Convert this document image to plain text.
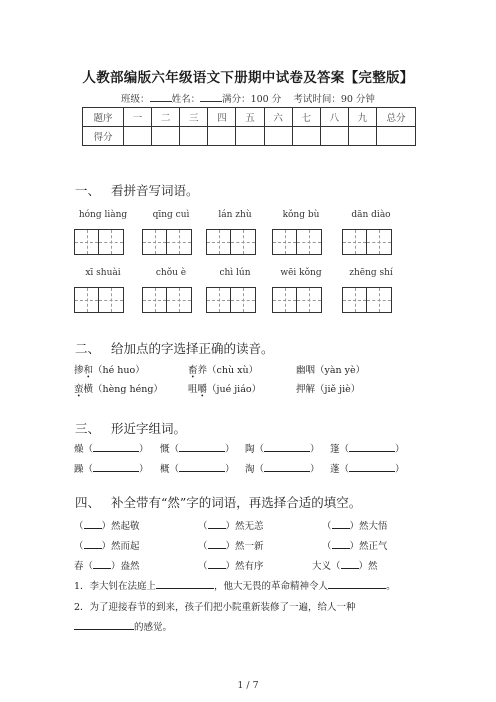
人教部编版六年级语文下册期中试卷及答案【完整版】
班级： 姓名： 满分：100 分 考试时间：90 分钟
题序	一	二	三	四	五	六	七	八	九	总分
得分										
一、 看拼音写词语。
hóng liàng	qīng cuì	lán zhù	kǒng bù	dān diào
xī shuài	chǒu è	chì lún	wēi kǒng	zhēng shí
二、 给加点的字选择正确的读音。
掺和（hé huo）	畜养（chù xù）	幽咽（yàn yè）
蛮横（hèng héng）	咀嚼（jué jiáo）	押解（jiě jiè）
三、 形近字组词。
燥（	） 慨（	） 陶（	） 篷（	）
躁（	） 概（	） 淘（	） 蓬（	）
四、 补全带有“然”字的词语，再选择合适的填空。
（ ）然起敬	（ ）然无恙	（ ）然大悟
（ ）然而起	（ ）然一新	（ ）然正气
春（ ）盎然	（ ）然有序	大义（ ）然
1．李大钊在法庭上	，他大无畏的革命精神令人	。
2．为了迎接春节的到来，孩子们把小院重新装修了一遍，给人一种
的感觉。
1 / 7
